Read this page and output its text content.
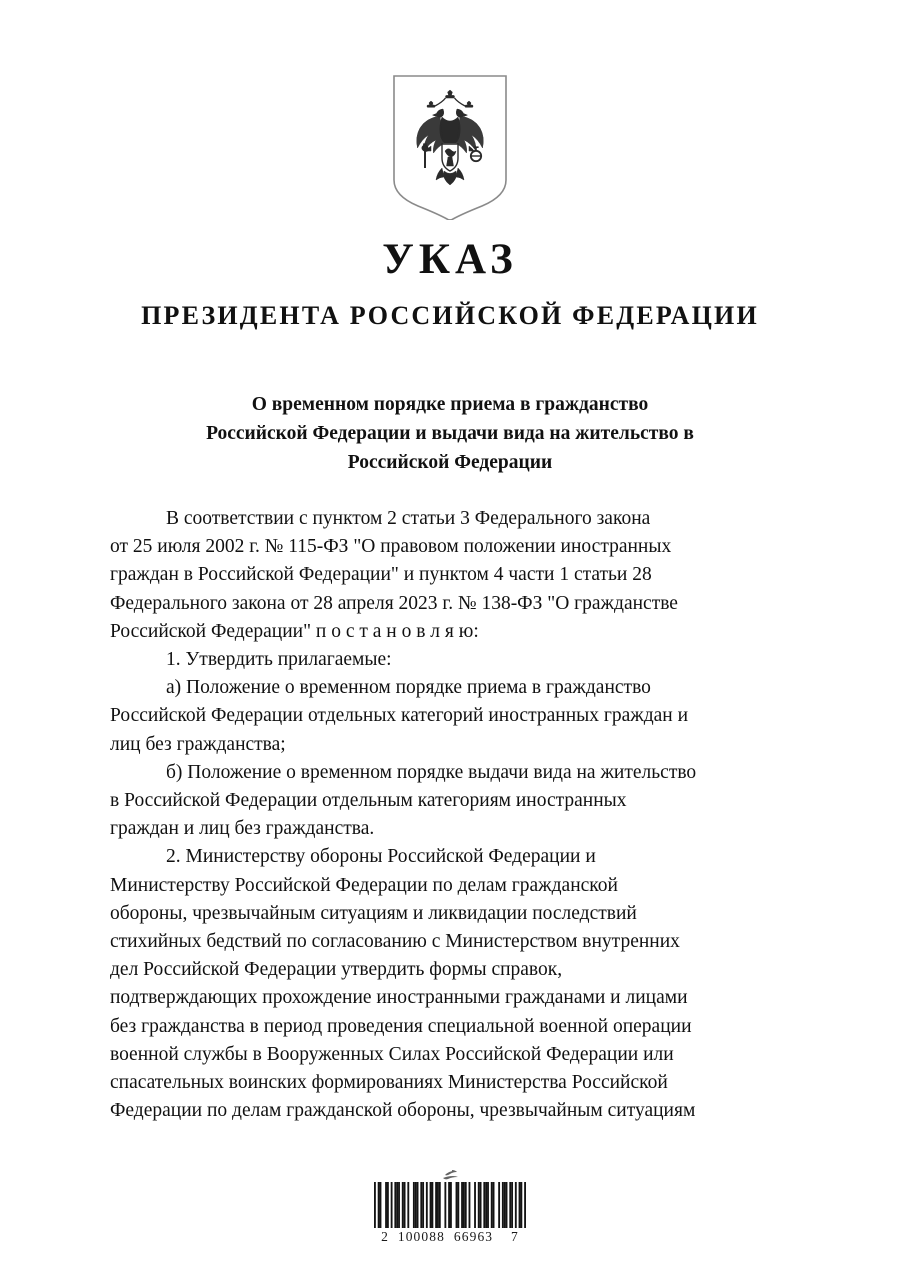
УКАЗ
ПРЕЗИДЕНТА РОССИЙСКОЙ ФЕДЕРАЦИИ
О временном порядке приема в гражданство
Российской Федерации и выдачи вида на жительство в
Российской Федерации

В соответствии с пунктом 2 статьи 3 Федерального закона
от 25 июля 2002 г. № 115-ФЗ "О правовом положении иностранных
граждан в Российской Федерации" и пунктом 4 части 1 статьи 28
Федерального закона от 28 апреля 2023 г. № 138-ФЗ "О гражданстве
Российской Федерации" п о с т а н о в л я ю:

1. Утвердить прилагаемые:

а) Положение о временном порядке приема в гражданство
Российской Федерации отдельных категорий иностранных граждан и
лиц без гражданства;

б) Положение о временном порядке выдачи вида на жительство
в Российской Федерации отдельным категориям иностранных
граждан и лиц без гражданства.

2. Министерству обороны Российской Федерации и
Министерству Российской Федерации по делам гражданской
обороны, чрезвычайным ситуациям и ликвидации последствий
стихийных бедствий по согласованию с Министерством внутренних
дел Российской Федерации утвердить формы справок,
подтверждающих прохождение иностранными гражданами и лицами
без гражданства в период проведения специальной военной операции
военной службы в Вооруженных Силах Российской Федерации или
спасательных воинских формированиях Министерства Российской
Федерации по делам гражданской обороны, чрезвычайным ситуациям

2  100088  66963    7
